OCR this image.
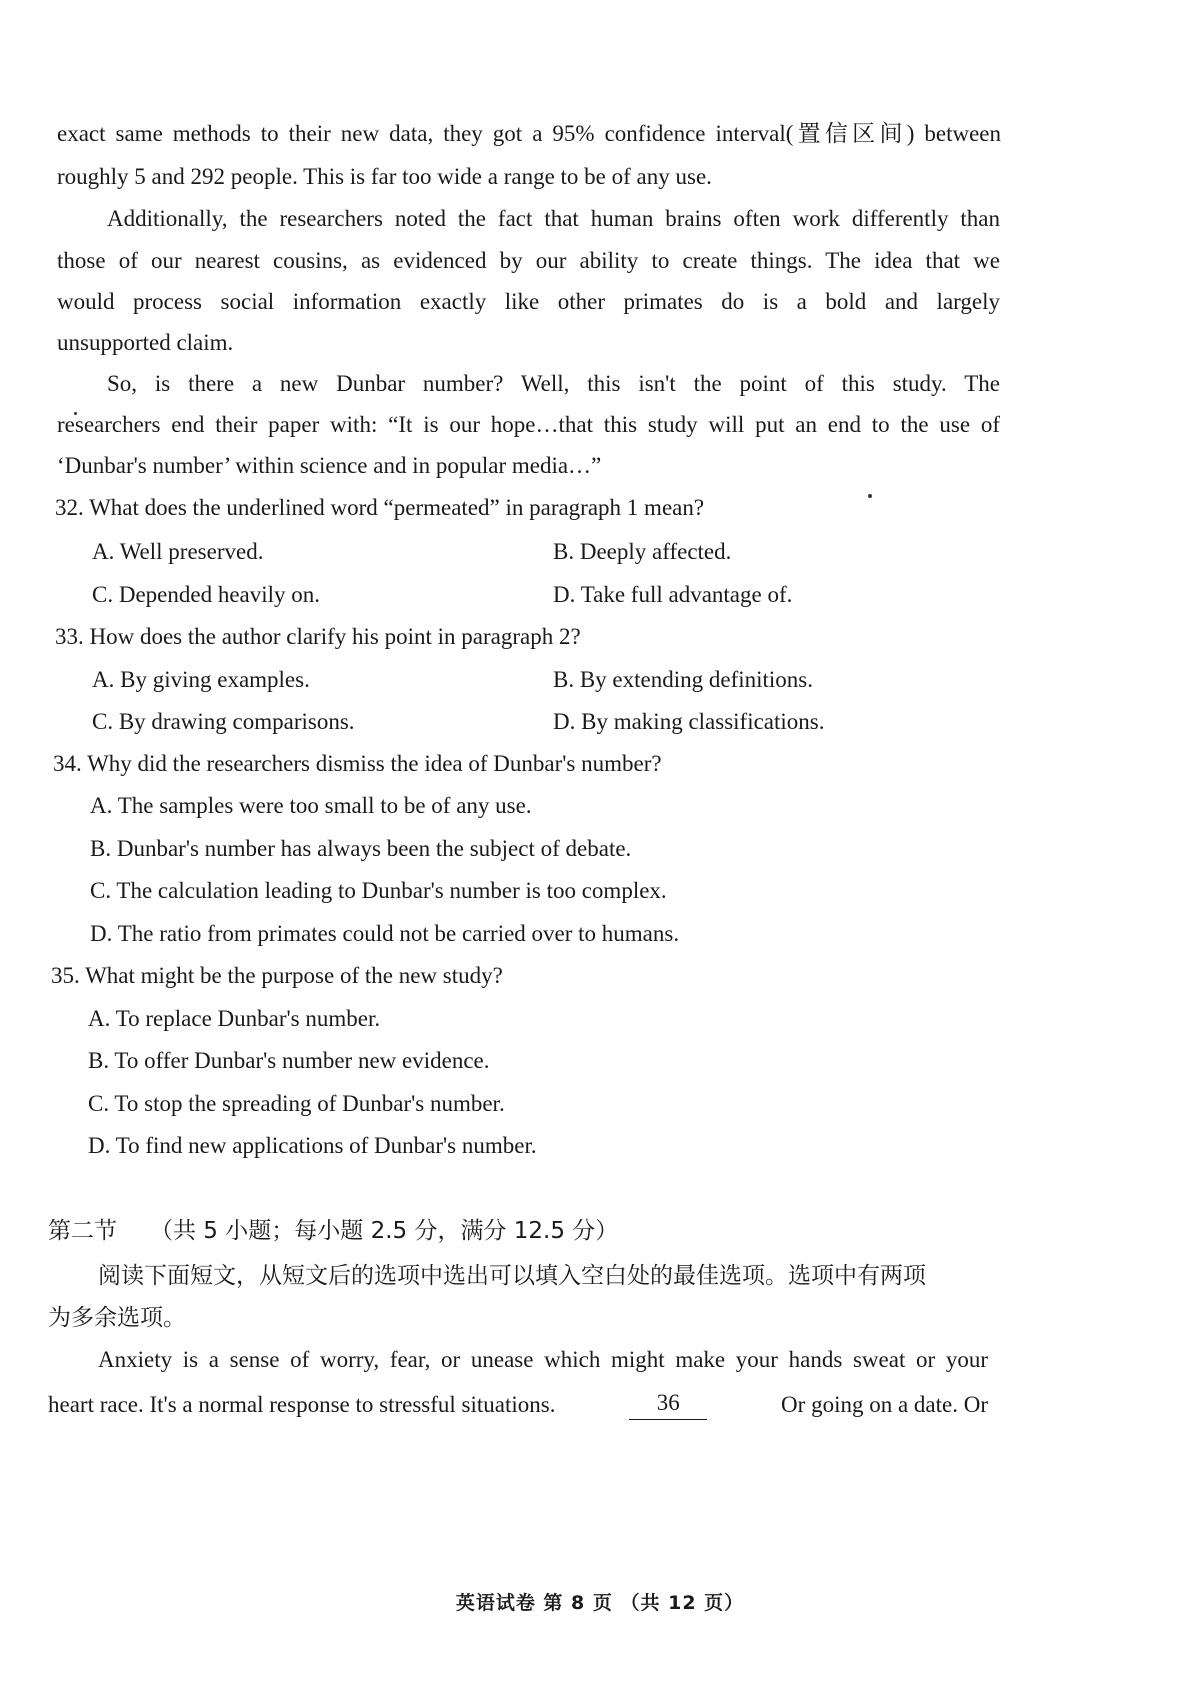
exact same methods to their new data, they got a 95% confidence interval(置信区间) between
roughly 5 and 292 people. This is far too wide a range to be of any use.
Additionally, the researchers noted the fact that human brains often work differently than
those of our nearest cousins, as evidenced by our ability to create things. The idea that we
would process social information exactly like other primates do is a bold and largely
unsupported claim.
So, is there a new Dunbar number? Well, this isn't the point of this study. The
researchers end their paper with: “It is our hope…that this study will put an end to the use of
‘Dunbar's number’ within science and in popular media…”
32. What does the underlined word “permeated” in paragraph 1 mean?
A. Well preserved.	B. Deeply affected.
C. Depended heavily on.	D. Take full advantage of.
33. How does the author clarify his point in paragraph 2?
A. By giving examples.	B. By extending definitions.
C. By drawing comparisons.	D. By making classifications.
34. Why did the researchers dismiss the idea of Dunbar's number?
A. The samples were too small to be of any use.
B. Dunbar's number has always been the subject of debate.
C. The calculation leading to Dunbar's number is too complex.
D. The ratio from primates could not be carried over to humans.
35. What might be the purpose of the new study?
A. To replace Dunbar's number.
B. To offer Dunbar's number new evidence.
C. To stop the spreading of Dunbar's number.
D. To find new applications of Dunbar's number.
第二节 （共 5 小题；每小题 2.5 分，满分 12.5 分）
阅读下面短文，从短文后的选项中选出可以填入空白处的最佳选项。选项中有两项
为多余选项。
Anxiety is a sense of worry, fear, or unease which might make your hands sweat or your
heart race. It's a normal response to stressful situations.	36	Or going on a date. Or
英语试卷 第 8 页 （共 12 页）
